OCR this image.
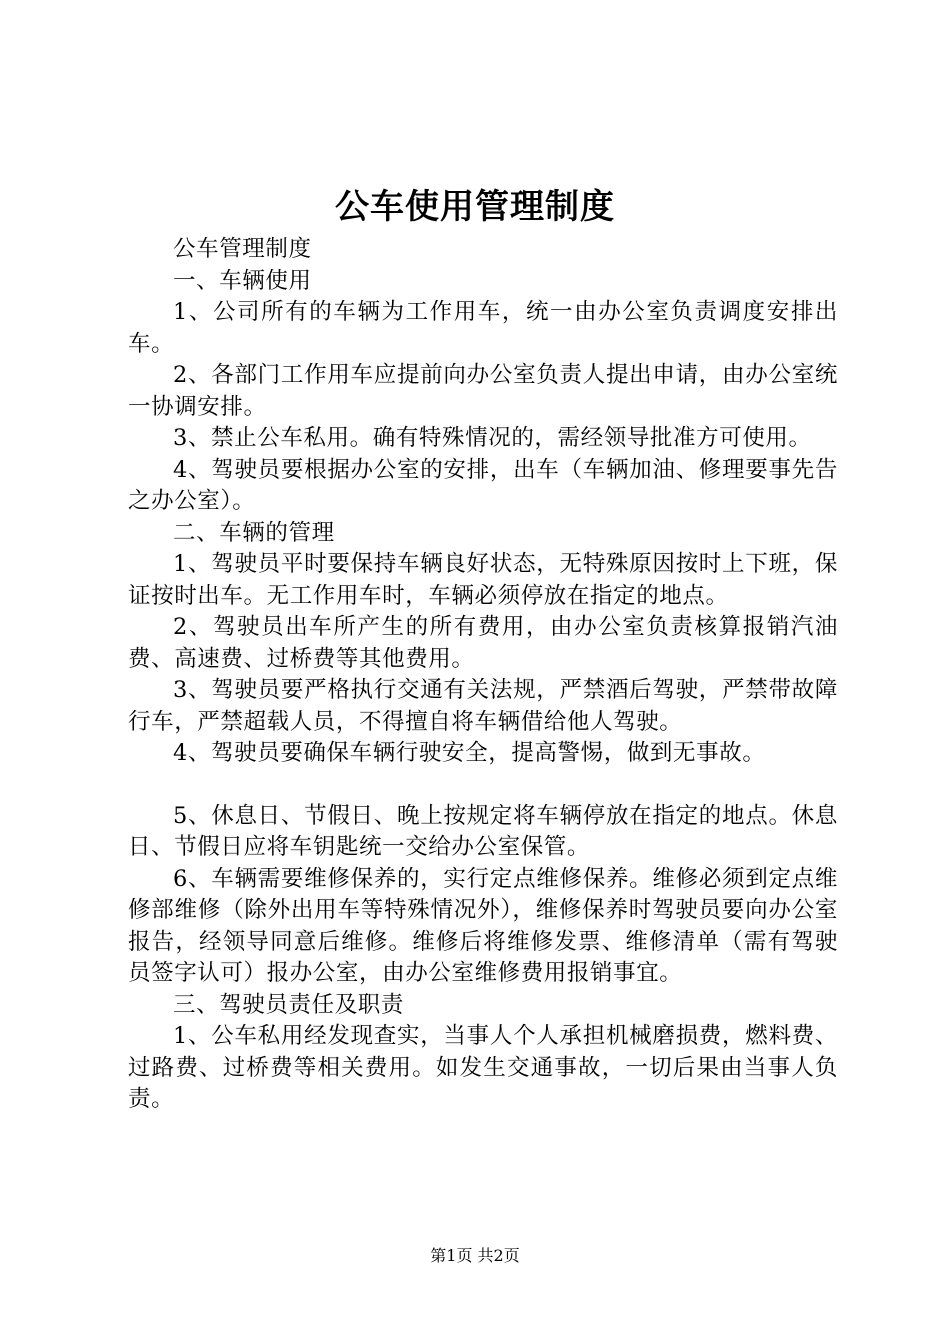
公车使用管理制度

公车管理制度

一、车辆使用

1、公司所有的车辆为工作用车，统一由办公室负责调度安排出车。

2、各部门工作用车应提前向办公室负责人提出申请，由办公室统一协调安排。

3、禁止公车私用。确有特殊情况的，需经领导批准方可使用。

4、驾驶员要根据办公室的安排，出车（车辆加油、修理要事先告之办公室）。

二、车辆的管理

1、驾驶员平时要保持车辆良好状态，无特殊原因按时上下班，保证按时出车。无工作用车时，车辆必须停放在指定的地点。

2、驾驶员出车所产生的所有费用，由办公室负责核算报销汽油费、高速费、过桥费等其他费用。

3、驾驶员要严格执行交通有关法规，严禁酒后驾驶，严禁带故障行车，严禁超载人员，不得擅自将车辆借给他人驾驶。

4、驾驶员要确保车辆行驶安全，提高警惕，做到无事故。

5、休息日、节假日、晚上按规定将车辆停放在指定的地点。休息日、节假日应将车钥匙统一交给办公室保管。

6、车辆需要维修保养的，实行定点维修保养。维修必须到定点维修部维修（除外出用车等特殊情况外），维修保养时驾驶员要向办公室报告，经领导同意后维修。维修后将维修发票、维修清单（需有驾驶员签字认可）报办公室，由办公室维修费用报销事宜。

三、驾驶员责任及职责

1、公车私用经发现查实，当事人个人承担机械磨损费，燃料费、过路费、过桥费等相关费用。如发生交通事故，一切后果由当事人负责。

第1页 共2页
